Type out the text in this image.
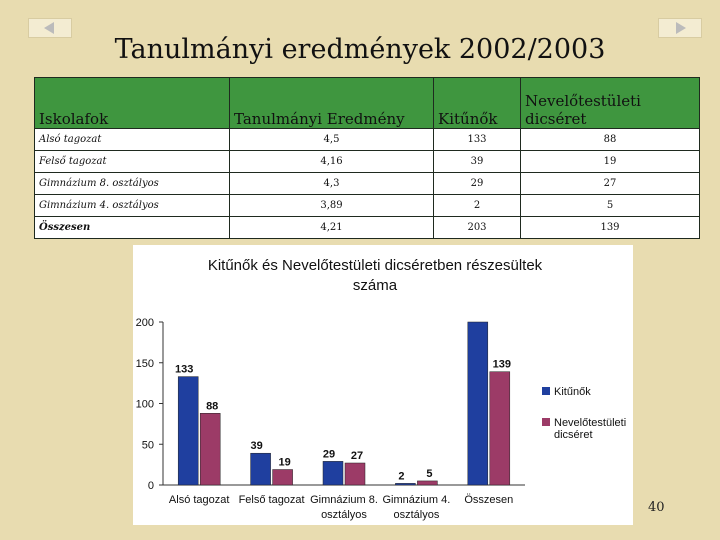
Tanulmányi eredmények 2002/2003
Iskolafok	Tanulmányi Eredmény	Kitűnők	Nevelőtestületi dicséret
Alsó tagozat	4,5	133	88
Felső tagozat	4,16	39	19
Gimnázium 8. osztályos	4,3	29	27
Gimnázium 4. osztályos	3,89	2	5
Összesen	4,21	203	139
Kitűnők és Nevelőtestületi dicséretben részesültek
száma
0
50
100
150
200
133
39
29
2
88
19
27
5
139
Alsó tagozat Felső tagozat Gimnázium 8.
osztályos
Gimnázium 4.
osztályos
Összesen
Kitűnők
Nevelőtestületi
dicséret
40
